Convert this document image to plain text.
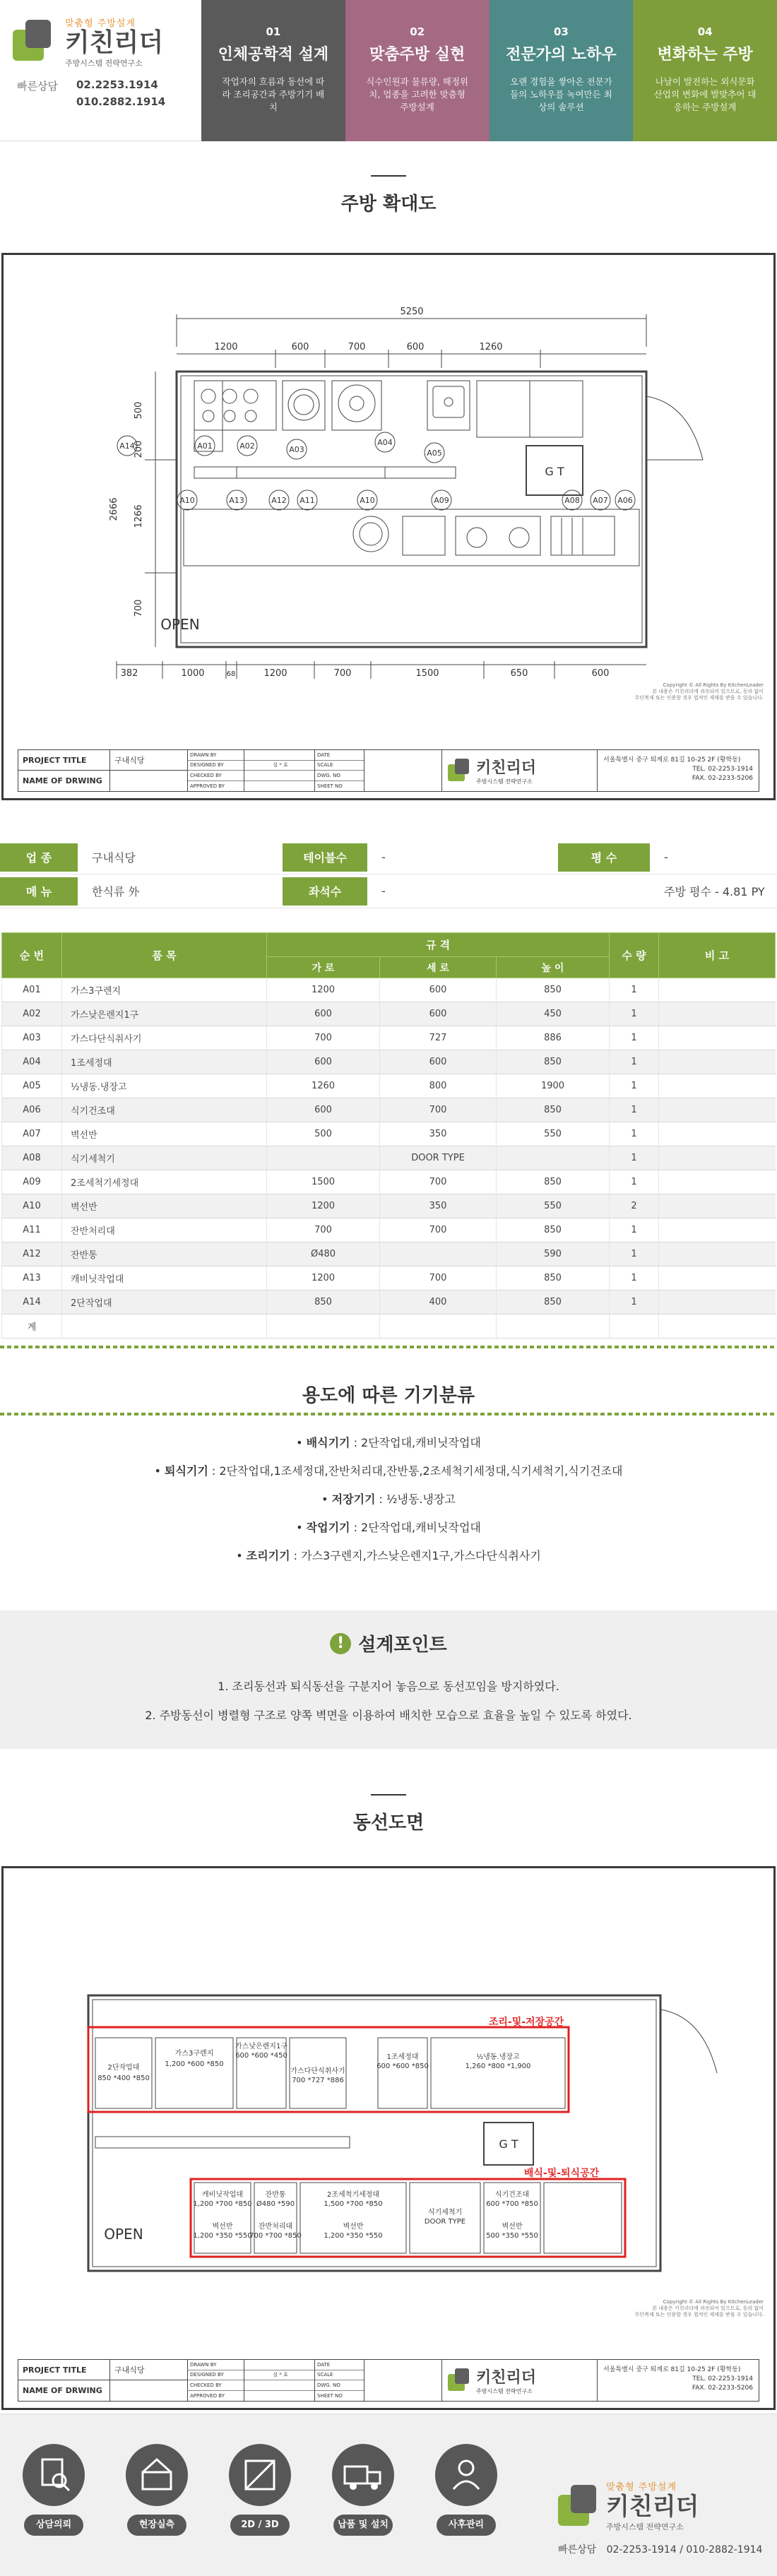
맞춤형 주방설계
키친리더
주방시스템 전략연구소
빠른상담	02.2253.1914
010.2882.1914
01
인체공학적 설계
작업자의 흐름과 동선에 따라 조리공간과 주방기기 배치
02
맞춤주방 실현
식수인원과 물류량, 해정위치, 업종을 고려한 맞춤형 주방설계
03
전문가의 노하우
오랜 경험을 쌓아온 전문가들의 노하우를 녹여만든 최상의 솔루션
04
변화하는 주방
나날이 발전하는 외식문화 산업의 변화에 발맞추어 대응하는 주방설계
주방 확대도
5250
1200	600	700	600	1260
382	1000	68	1200	700	1500	650	600
500
200
2666 1266
700
A14	A01	A02	A03
A04
A05
A10	A13	A12 A11	A10	A09	A08 A07 A06
G T
OPEN
Copyright © All Rights By KitchenLeader
본 내용은 키친리더에 귀속되어 있으므로, 동의 없이
무단복제 또는 인용할 경우 법적인 제재를 받을 수 있습니다.
PROJECT TITLE
NAME OF DRWING
구내식당
DRAWN BY
DESIGNED BY
CHECKED BY
APPROVED BY
설 * 효
DATE
SCALE
DWG. NO
SHEET NO
키친리더
주방시스템 전략연구소
서울특별시 중구 퇴계로 81길 10-25 2F (황학동)
TEL. 02-2253-1914
FAX. 02-2233-5206
업 종	구내식당	테이블수	-	평 수	-
메 뉴	한식류 外	좌석수	-	주방 평수 - 4.81 PY
순 번	품 목	규 격			수 량	비 고
		가 로	세 로	높 이		
A01	가스3구렌지	1200	600	850	1	
A02	가스낮은렌지1구	600	600	450	1	
A03	가스다단식취사기	700	727	886	1	
A04	1조세정대	600	600	850	1	
A05	½냉동.냉장고	1260	800	1900	1	
A06	식기건조대	600	700	850	1	
A07	벽선반	500	350	550	1	
A08	식기세척기		DOOR TYPE		1	
A09	2조세척기세정대	1500	700	850	1	
A10	벽선반	1200	350	550	2	
A11	잔반처리대	700	700	850	1	
A12	잔반통	Ø480		590	1	
A13	캐비닛작업대	1200	700	850	1	
A14	2단작업대	850	400	850	1	
계						
용도에 따른 기기분류
• 배식기기 : 2단작업대,캐비닛작업대
• 퇴식기기 : 2단작업대,1조세정대,잔반처리대,잔반통,2조세척기세정대,식기세척기,식기건조대
• 저장기기 : ½냉동.냉장고
• 작업기기 : 2단작업대,캐비닛작업대
• 조리기기 : 가스3구렌지,가스낮은렌지1구,가스다단식취사기
! 설계포인트
1. 조리동선과 퇴식동선을 구분지어 놓음으로 동선꼬임을 방지하였다.
2. 주방동선이 병렬형 구조로 양쪽 벽면을 이용하여 배치한 모습으로 효율을 높일 수 있도록 하였다.
동선도면
조리-및-저장공간
배식-및-퇴식공간
2단작업대
850 *400 *850
가스3구렌지
1,200 *600 *850
가스낮은렌지1구
600 *600 *450
가스다단식취사기
700 *727 *886
1조세정대
600 *600 *850
½냉동.냉장고
1,260 *800 *1,900
캐비닛작업대
1,200 *700 *850
벽선반
1,200 *350 *550
잔반통
Ø480 *590
잔반처리대
700 *700 *850
2조세척기세정대
1,500 *700 *850
벽선반
1,200 *350 *550
식기세척기
DOOR TYPE
식기건조대
600 *700 *850
벽선반
500 *350 *550
G T
OPEN
Copyright © All Rights By KitchenLeader
본 내용은 키친리더에 귀속되어 있으므로, 동의 없이
무단복제 또는 인용할 경우 법적인 제재를 받을 수 있습니다.
PROJECT TITLE
NAME OF DRWING
구내식당
DRAWN BY
DESIGNED BY
CHECKED BY
APPROVED BY
설 * 효
DATE
SCALE
DWG. NO
SHEET NO
키친리더
주방시스템 전략연구소
서울특별시 중구 퇴계로 81길 10-25 2F (황학동)
TEL. 02-2253-1914
FAX. 02-2233-5206
상담의뢰	현장실측	2D / 3D	납품 및 설치	사후관리
맞춤형 주방설계
키친리더
주방시스템 전략연구소
빠른상담 02-2253-1914 / 010-2882-1914
